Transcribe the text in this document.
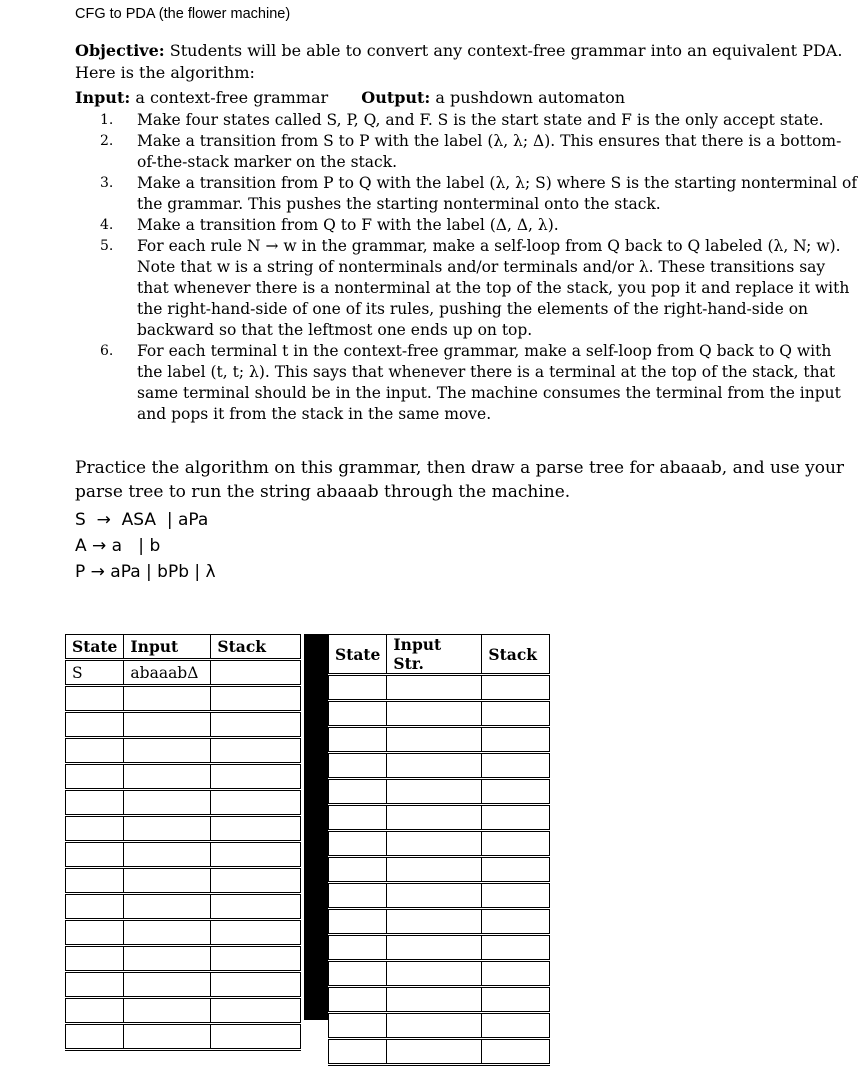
CFG to PDA (the flower machine)
Objective: Students will be able to convert any context-free grammar into an equivalent PDA. Here is the algorithm:
Input: a context-free grammar Output: a pushdown automaton
1. Make four states called S, P, Q, and F. S is the start state and F is the only accept state.
2. Make a transition from S to P with the label (λ, λ; Δ). This ensures that there is a bottom-of-the-stack marker on the stack.
3. Make a transition from P to Q with the label (λ, λ; S) where S is the starting nonterminal of the grammar. This pushes the starting nonterminal onto the stack.
4. Make a transition from Q to F with the label (Δ, Δ, λ).
5. For each rule N → w in the grammar, make a self-loop from Q back to Q labeled (λ, N; w). Note that w is a string of nonterminals and/or terminals and/or λ. These transitions say that whenever there is a nonterminal at the top of the stack, you pop it and replace it with the right-hand-side of one of its rules, pushing the elements of the right-hand-side on backward so that the leftmost one ends up on top.
6. For each terminal t in the context-free grammar, make a self-loop from Q back to Q with the label (t, t; λ). This says that whenever there is a terminal at the top of the stack, that same terminal should be in the input. The machine consumes the terminal from the input and pops it from the stack in the same move.
Practice the algorithm on this grammar, then draw a parse tree for abaaab, and use your parse tree to run the string abaaab through the machine.
S  →  ASA  | aPa
A → a   | b
P → aPa | bPb | λ
State	Input	Stack
S	abaaabΔ	

State	Input Str.	Stack
